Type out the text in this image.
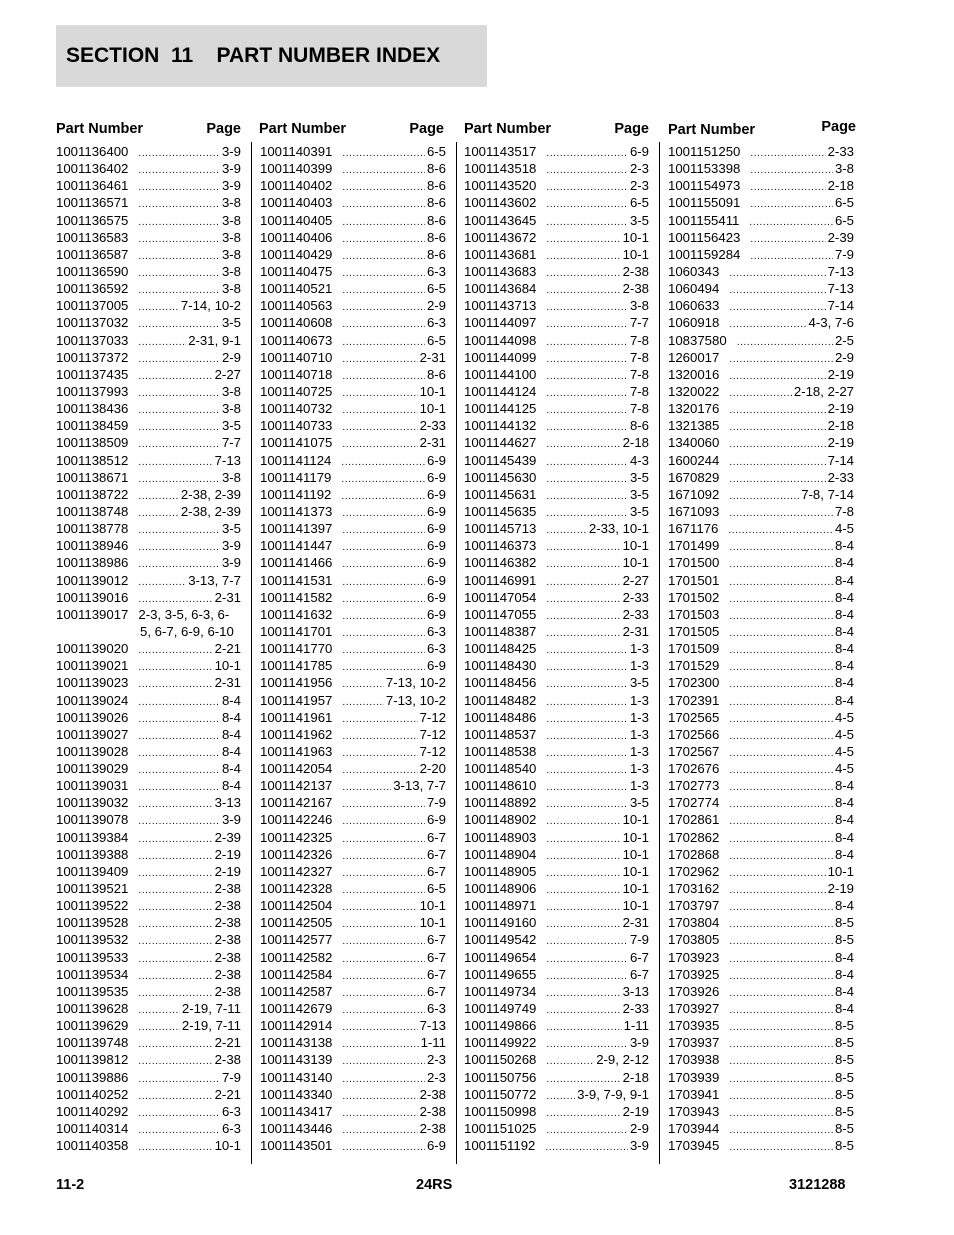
SECTION  11    PART NUMBER INDEX
Part Number	Page
1001136400 .....	3-9
1001136402 .....	3-9
1001136461 .....	3-9
1001136571 .....	3-8
1001136575 .....	3-8
1001136583 .....	3-8
1001136587 .....	3-8
1001136590 .....	3-8
1001136592 .....	3-8
1001137005 .....	7-14, 10-2
1001137032 .....	3-5
1001137033 .....	2-31, 9-1
1001137372 .....	2-9
1001137435 .....	2-27
1001137993 .....	3-8
1001138436 .....	3-8
1001138459 .....	3-5
1001138509 .....	7-7
1001138512 .....	7-13
1001138671 .....	3-8
1001138722 .....	2-38, 2-39
1001138748 .....	2-38, 2-39
1001138778 .....	3-5
1001138946 .....	3-9
1001138986 .....	3-9
1001139012 .....	3-13, 7-7
1001139016 .....	2-31
1001139017 2-3, 3-5, 6-3, 6-
5, 6-7, 6-9, 6-10
1001139020 .....	2-21
1001139021 .....	10-1
1001139023 .....	2-31
1001139024 .....	8-4
1001139026 .....	8-4
1001139027 .....	8-4
1001139028 .....	8-4
1001139029 .....	8-4
1001139031 .....	8-4
1001139032 .....	3-13
1001139078 .....	3-9
1001139384 .....	2-39
1001139388 .....	2-19
1001139409 .....	2-19
1001139521 .....	2-38
1001139522 .....	2-38
1001139528 .....	2-38
1001139532 .....	2-38
1001139533 .....	2-38
1001139534 .....	2-38
1001139535 .....	2-38
1001139628 .....	2-19, 7-11
1001139629 .....	2-19, 7-11
1001139748 .....	2-21
1001139812 .....	2-38
1001139886 .....	7-9
1001140252 .....	2-21
1001140292 .....	6-3
1001140314 .....	6-3
1001140358 .....	10-1
Part Number	Page
1001140391 .....	6-5
1001140399 .....	8-6
1001140402 .....	8-6
1001140403 .....	8-6
1001140405 .....	8-6
1001140406 .....	8-6
1001140429 .....	8-6
1001140475 .....	6-3
1001140521 .....	6-5
1001140563 .....	2-9
1001140608 .....	6-3
1001140673 .....	6-5
1001140710 .....	2-31
1001140718 .....	8-6
1001140725 .....	10-1
1001140732 .....	10-1
1001140733 .....	2-33
1001141075 .....	2-31
1001141124 .....	6-9
1001141179 .....	6-9
1001141192 .....	6-9
1001141373 .....	6-9
1001141397 .....	6-9
1001141447 .....	6-9
1001141466 .....	6-9
1001141531 .....	6-9
1001141582 .....	6-9
1001141632 .....	6-9
1001141701 .....	6-3
1001141770 .....	6-3
1001141785 .....	6-9
1001141956 .....	7-13, 10-2
1001141957 .....	7-13, 10-2
1001141961 .....	7-12
1001141962 .....	7-12
1001141963 .....	7-12
1001142054 .....	2-20
1001142137 .....	3-13, 7-7
1001142167 .....	7-9
1001142246 .....	6-9
1001142325 .....	6-7
1001142326 .....	6-7
1001142327 .....	6-7
1001142328 .....	6-5
1001142504 .....	10-1
1001142505 .....	10-1
1001142577 .....	6-7
1001142582 .....	6-7
1001142584 .....	6-7
1001142587 .....	6-7
1001142679 .....	6-3
1001142914 .....	7-13
1001143138 .....	1-11
1001143139 .....	2-3
1001143140 .....	2-3
1001143340 .....	2-38
1001143417 .....	2-38
1001143446 .....	2-38
1001143501 .....	6-9
Part Number	Page
1001143517 .....	6-9
1001143518 .....	2-3
1001143520 .....	2-3
1001143602 .....	6-5
1001143645 .....	3-5
1001143672 .....	10-1
1001143681 .....	10-1
1001143683 .....	2-38
1001143684 .....	2-38
1001143713 .....	3-8
1001144097 .....	7-7
1001144098 .....	7-8
1001144099 .....	7-8
1001144100 .....	7-8
1001144124 .....	7-8
1001144125 .....	7-8
1001144132 .....	8-6
1001144627 .....	2-18
1001145439 .....	4-3
1001145630 .....	3-5
1001145631 .....	3-5
1001145635 .....	3-5
1001145713 .....	2-33, 10-1
1001146373 .....	10-1
1001146382 .....	10-1
1001146991 .....	2-27
1001147054 .....	2-33
1001147055 .....	2-33
1001148387 .....	2-31
1001148425 .....	1-3
1001148430 .....	1-3
1001148456 .....	3-5
1001148482 .....	1-3
1001148486 .....	1-3
1001148537 .....	1-3
1001148538 .....	1-3
1001148540 .....	1-3
1001148610 .....	1-3
1001148892 .....	3-5
1001148902 .....	10-1
1001148903 .....	10-1
1001148904 .....	10-1
1001148905 .....	10-1
1001148906 .....	10-1
1001148971 .....	10-1
1001149160 .....	2-31
1001149542 .....	7-9
1001149654 .....	6-7
1001149655 .....	6-7
1001149734 .....	3-13
1001149749 .....	2-33
1001149866 .....	1-11
1001149922 .....	3-9
1001150268 .....	2-9, 2-12
1001150756 .....	2-18
1001150772 .....	3-9, 7-9, 9-1
1001150998 .....	2-19
1001151025 .....	2-9
1001151192 .....	3-9
Part Number	Page
1001151250 .....	2-33
1001153398 .....	3-8
1001154973 .....	2-18
1001155091 .....	6-5
1001155411 .....	6-5
1001156423 .....	2-39
1001159284 .....	7-9
1060343 .....	7-13
1060494 .....	7-13
1060633 .....	7-14
1060918 .....	4-3, 7-6
10837580 .....	2-5
1260017 .....	2-9
1320016 .....	2-19
1320022 .....	2-18, 2-27
1320176 .....	2-19
1321385 .....	2-18
1340060 .....	2-19
1600244 .....	7-14
1670829 .....	2-33
1671092 .....	7-8, 7-14
1671093 .....	7-8
1671176 .....	4-5
1701499 .....	8-4
1701500 .....	8-4
1701501 .....	8-4
1701502 .....	8-4
1701503 .....	8-4
1701505 .....	8-4
1701509 .....	8-4
1701529 .....	8-4
1702300 .....	8-4
1702391 .....	8-4
1702565 .....	4-5
1702566 .....	4-5
1702567 .....	4-5
1702676 .....	4-5
1702773 .....	8-4
1702774 .....	8-4
1702861 .....	8-4
1702862 .....	8-4
1702868 .....	8-4
1702962 .....	10-1
1703162 .....	2-19
1703797 .....	8-4
1703804 .....	8-5
1703805 .....	8-5
1703923 .....	8-4
1703925 .....	8-4
1703926 .....	8-4
1703927 .....	8-4
1703935 .....	8-5
1703937 .....	8-5
1703938 .....	8-5
1703939 .....	8-5
1703941 .....	8-5
1703943 .....	8-5
1703944 .....	8-5
1703945 .....	8-5
11-2	24RS	3121288
